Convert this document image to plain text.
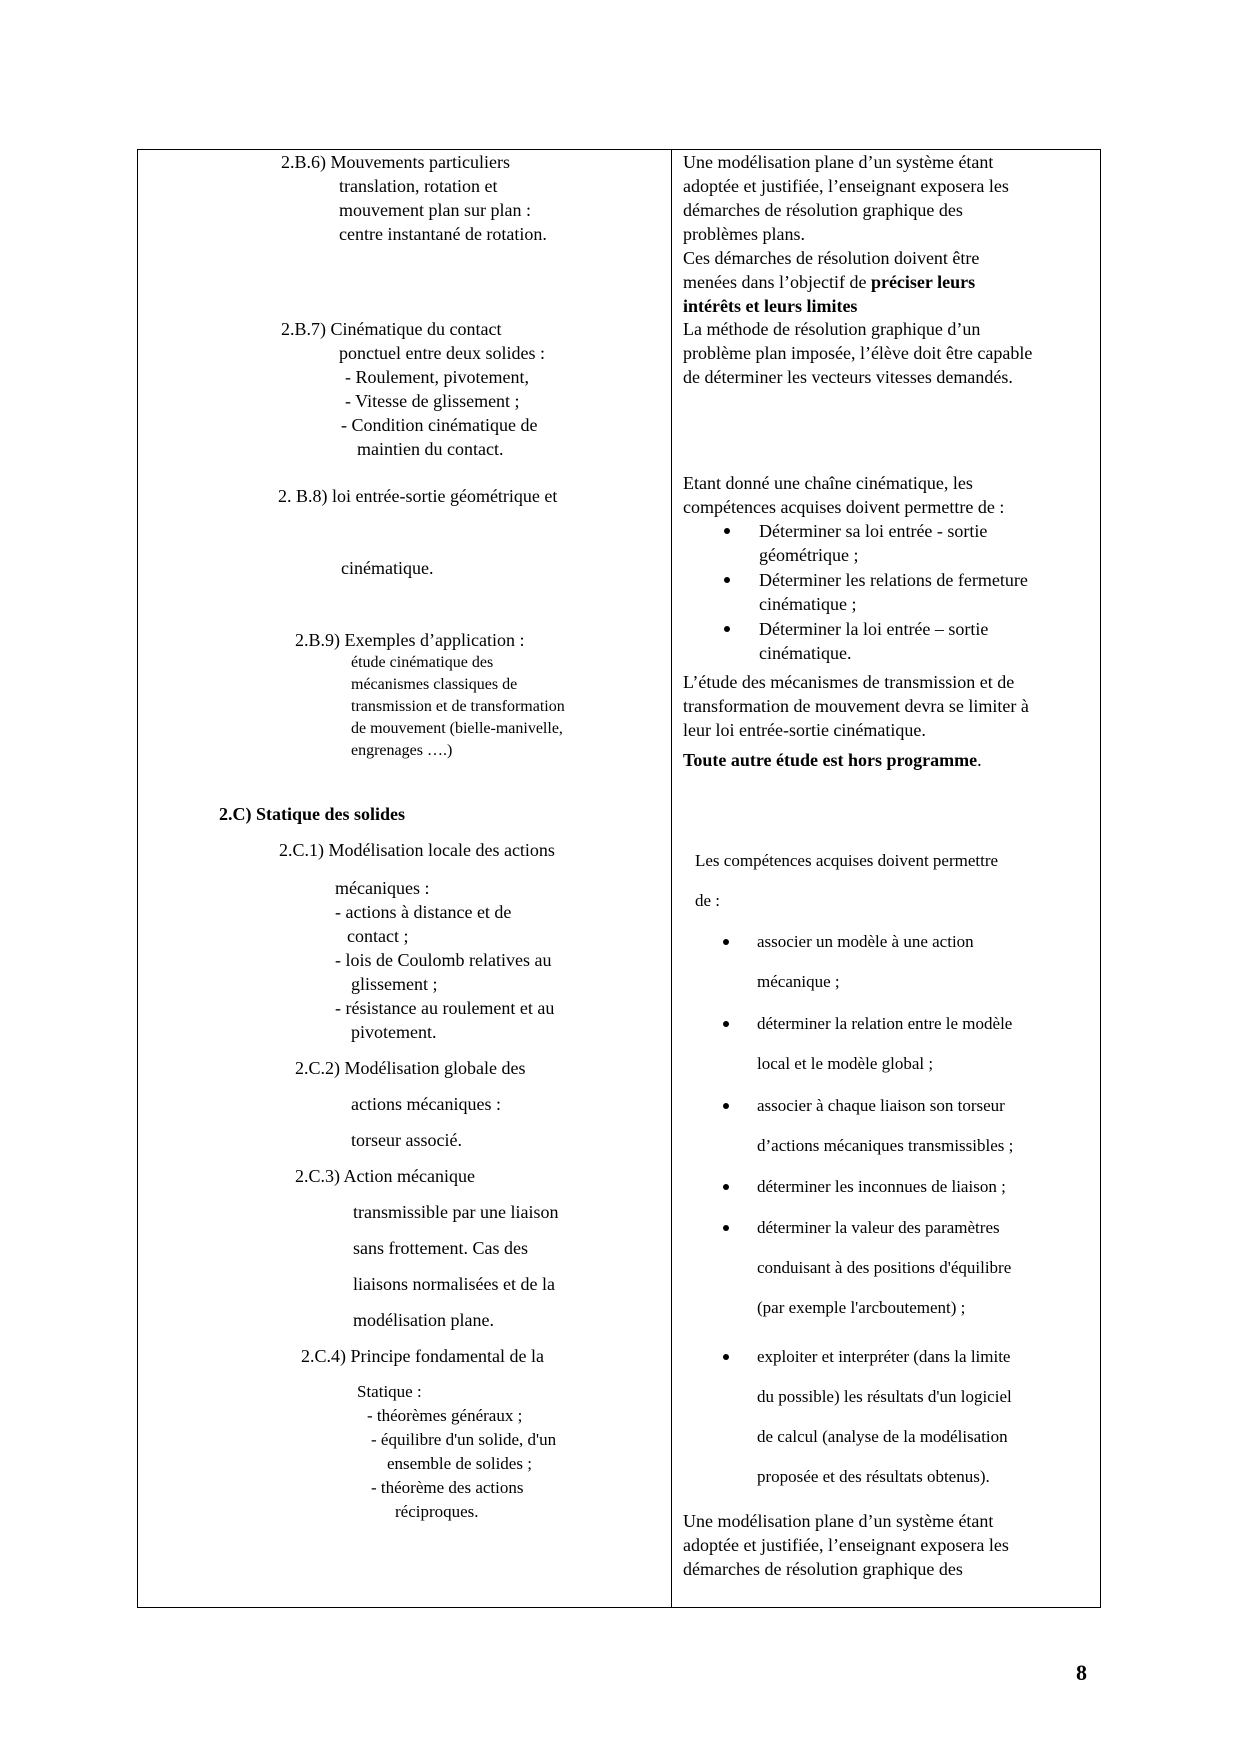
2.B.6) Mouvements particuliers
translation, rotation et
mouvement plan sur plan :
centre instantané de rotation.
2.B.7) Cinématique du contact
ponctuel entre deux solides :
- Roulement, pivotement,
- Vitesse de glissement ;
- Condition cinématique de
maintien du contact.
2. B.8) loi entrée-sortie géométrique et
cinématique.
2.B.9) Exemples d’application :
étude cinématique des
mécanismes classiques de
transmission et de transformation
de mouvement (bielle-manivelle,
engrenages ….)
2.C) Statique des solides
2.C.1) Modélisation locale des actions
mécaniques :
- actions à distance et de
contact ;
- lois de Coulomb relatives au
glissement ;
- résistance au roulement et au
pivotement.
2.C.2) Modélisation globale des
actions mécaniques :
torseur associé.
2.C.3) Action mécanique
transmissible par une liaison
sans frottement. Cas des
liaisons normalisées et de la
modélisation plane.
2.C.4) Principe fondamental de la
Statique :
- théorèmes généraux ;
- équilibre d'un solide, d'un
ensemble de solides ;
- théorème des actions
réciproques.
Une modélisation plane d’un système étant
adoptée et justifiée, l’enseignant exposera les
démarches de résolution graphique des
problèmes plans.
Ces démarches de résolution doivent être
menées dans l’objectif de préciser leurs
intérêts et leurs limites
La méthode de résolution graphique d’un
problème plan imposée, l’élève doit être capable
de déterminer les vecteurs vitesses demandés.
Etant donné une chaîne cinématique, les
compétences acquises doivent permettre de :
Déterminer sa loi entrée - sortie
géométrique ;
Déterminer les relations de fermeture
cinématique ;
Déterminer la loi entrée – sortie
cinématique.
L’étude des mécanismes de transmission et de
transformation de mouvement devra se limiter à
leur loi entrée-sortie cinématique.
Toute autre étude est hors programme.
Les compétences acquises doivent permettre
de :
associer un modèle à une action
mécanique ;
déterminer la relation entre le modèle
local et le modèle global ;
associer à chaque liaison son torseur
d’actions mécaniques transmissibles ;
déterminer les inconnues de liaison ;
déterminer la valeur des paramètres
conduisant à des positions d'équilibre
(par exemple l'arcboutement) ;
exploiter et interpréter (dans la limite
du possible) les résultats d'un logiciel
de calcul (analyse de la modélisation
proposée et des résultats obtenus).
Une modélisation plane d’un système étant
adoptée et justifiée, l’enseignant exposera les
démarches de résolution graphique des
8
